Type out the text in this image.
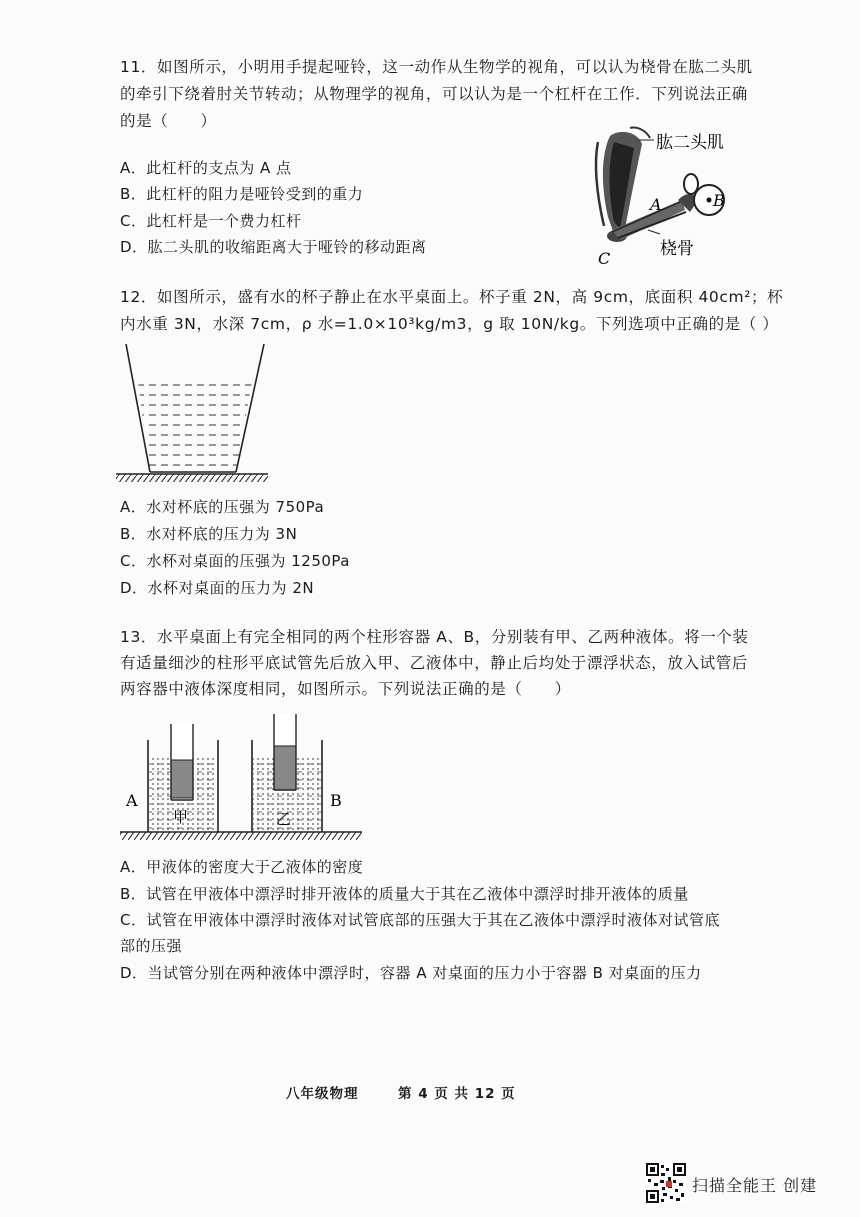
11．如图所示，小明用手提起哑铃，这一动作从生物学的视角，可以认为桡骨在肱二头肌
的牵引下绕着肘关节转动；从物理学的视角，可以认为是一个杠杆在工作．下列说法正确
的是（　　）
A．此杠杆的支点为 A 点
B．此杠杆的阻力是哑铃受到的重力
C．此杠杆是一个费力杠杆
D．肱二头肌的收缩距离大于哑铃的移动距离
肱二头肌
A	B
C	桡骨
12．如图所示，盛有水的杯子静止在水平桌面上。杯子重 2N，高 9cm，底面积 40cm²；杯
内水重 3N，水深 7cm，ρ 水=1.0×10³kg/m3，g 取 10N/kg。下列选项中正确的是（ ）
A．水对杯底的压强为 750Pa
B．水对杯底的压力为 3N
C．水杯对桌面的压强为 1250Pa
D．水杯对桌面的压力为 2N
13．水平桌面上有完全相同的两个柱形容器 A、B，分别装有甲、乙两种液体。将一个装
有适量细沙的柱形平底试管先后放入甲、乙液体中，静止后均处于漂浮状态，放入试管后
两容器中液体深度相同，如图所示。下列说法正确的是（　　）
A	B
甲	乙
A．甲液体的密度大于乙液体的密度
B．试管在甲液体中漂浮时排开液体的质量大于其在乙液体中漂浮时排开液体的质量
C．试管在甲液体中漂浮时液体对试管底部的压强大于其在乙液体中漂浮时液体对试管底
部的压强
D．当试管分别在两种液体中漂浮时，容器 A 对桌面的压力小于容器 B 对桌面的压力
八年级物理	第 4 页 共 12 页
扫描全能王 创建
